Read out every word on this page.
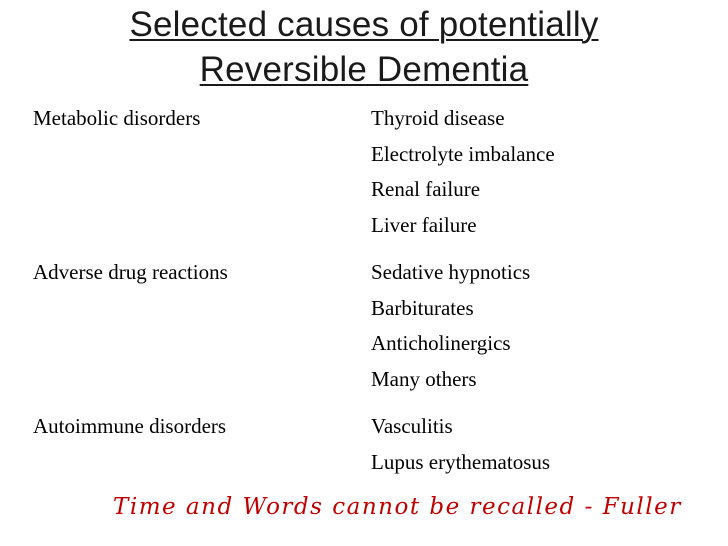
Selected causes of potentially
Reversible Dementia
Metabolic disorders	Thyroid disease
Electrolyte imbalance
Renal failure
Liver failure
Adverse drug reactions	Sedative hypnotics
Barbiturates
Anticholinergics
Many others
Autoimmune disorders	Vasculitis
Lupus erythematosus
Time and Words cannot be recalled - Fuller
